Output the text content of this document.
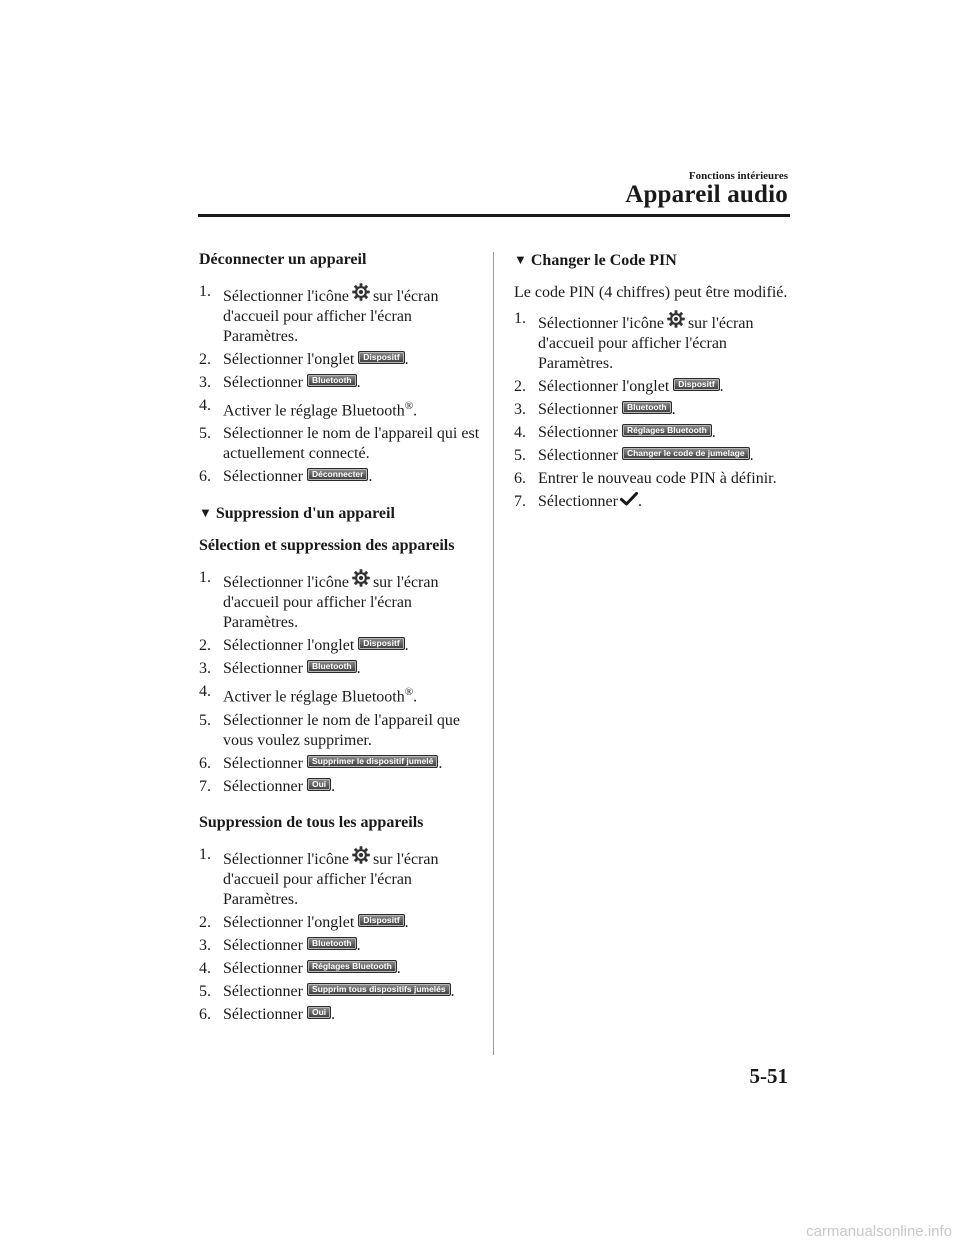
Fonctions intérieures
Appareil audio

Déconnecter un appareil

1. Sélectionner l'icône sur l'écran d'accueil pour afficher l'écran Paramètres.
2. Sélectionner l'onglet Dispositf .
3. Sélectionner Bluetooth .
4. Activer le réglage Bluetooth®.
5. Sélectionner le nom de l'appareil qui est actuellement connecté.
6. Sélectionner Déconnecter .

▼ Suppression d'un appareil

Sélection et suppression des appareils

1. Sélectionner l'icône sur l'écran d'accueil pour afficher l'écran Paramètres.
2. Sélectionner l'onglet Dispositf .
3. Sélectionner Bluetooth .
4. Activer le réglage Bluetooth®.
5. Sélectionner le nom de l'appareil que vous voulez supprimer.
6. Sélectionner Supprimer le dispositif jumelé .
7. Sélectionner Oui .

Suppression de tous les appareils

1. Sélectionner l'icône sur l'écran d'accueil pour afficher l'écran Paramètres.
2. Sélectionner l'onglet Dispositf .
3. Sélectionner Bluetooth .
4. Sélectionner Réglages Bluetooth .
5. Sélectionner Supprim tous dispositifs jumelés .
6. Sélectionner Oui .

▼ Changer le Code PIN

Le code PIN (4 chiffres) peut être modifié.

1. Sélectionner l'icône sur l'écran d'accueil pour afficher l'écran Paramètres.
2. Sélectionner l'onglet Dispositf .
3. Sélectionner Bluetooth .
4. Sélectionner Réglages Bluetooth .
5. Sélectionner Changer le code de jumelage .
6. Entrer le nouveau code PIN à définir.
7. Sélectionner .
5-51
carmanualsonline.info
